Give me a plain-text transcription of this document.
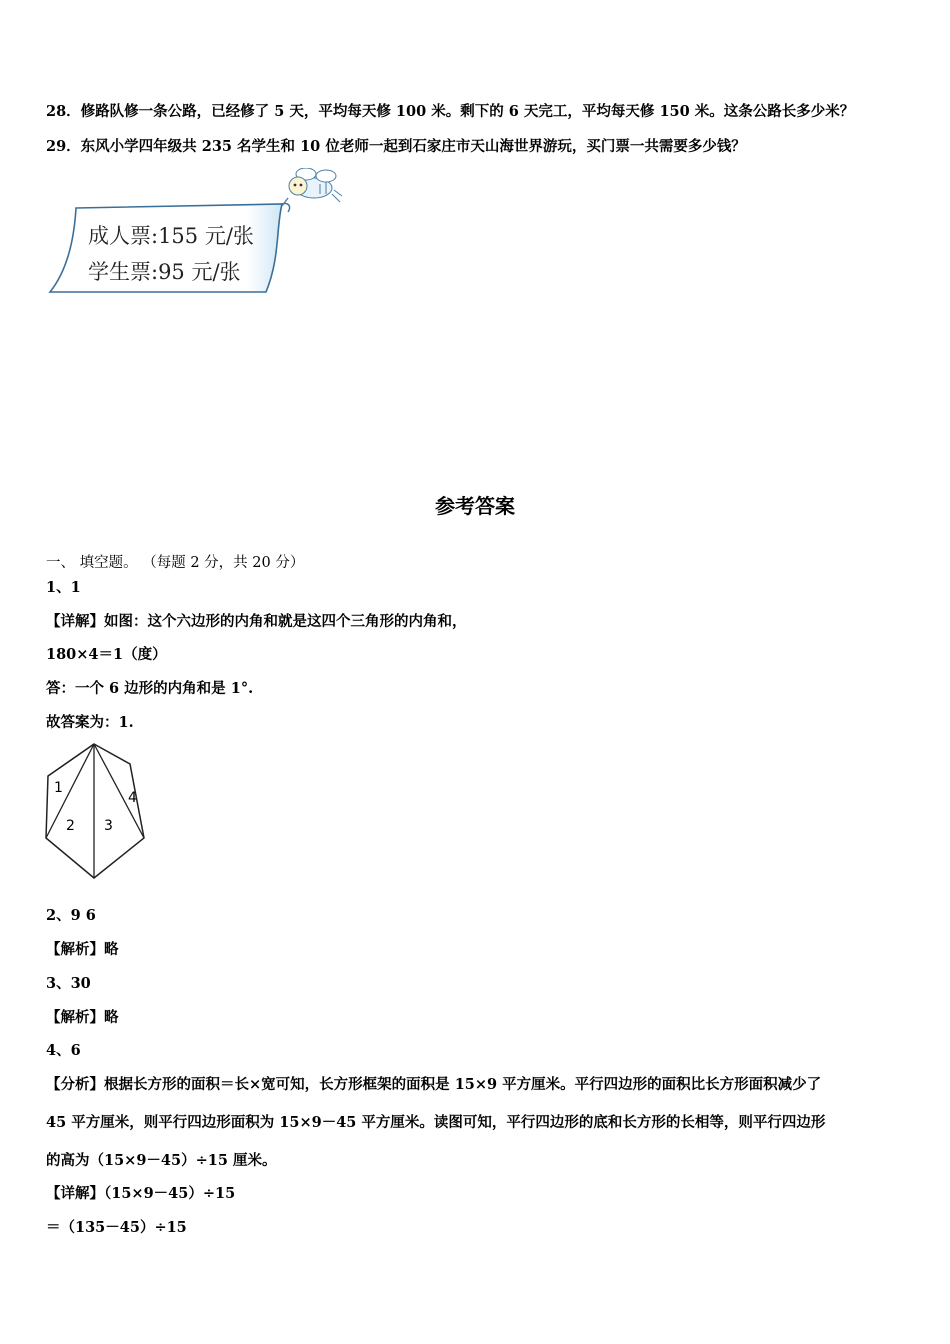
28．修路队修一条公路，已经修了 5 天，平均每天修 100 米。剩下的 6 天完工，平均每天修 150 米。这条公路长多少米？
29．东风小学四年级共 235 名学生和 10 位老师一起到石家庄市天山海世界游玩，买门票一共需要多少钱？
成人票:155 元/张
学生票:95 元/张
参考答案
一、 填空题。 （每题 2 分，共 20 分）
1、1
【详解】如图：这个六边形的内角和就是这四个三角形的内角和，
180×4＝1（度）
答：一个 6 边形的内角和是 1°.
故答案为：1.
1
2 3
4
2、9 6
【解析】略
3、30
【解析】略
4、6
【分析】根据长方形的面积＝长×宽可知，长方形框架的面积是 15×9 平方厘米。平行四边形的面积比长方形面积减少了
45 平方厘米，则平行四边形面积为 15×9－45 平方厘米。读图可知，平行四边形的底和长方形的长相等，则平行四边形
的高为（15×9－45）÷15 厘米。
【详解】（15×9－45）÷15
＝（135－45）÷15
